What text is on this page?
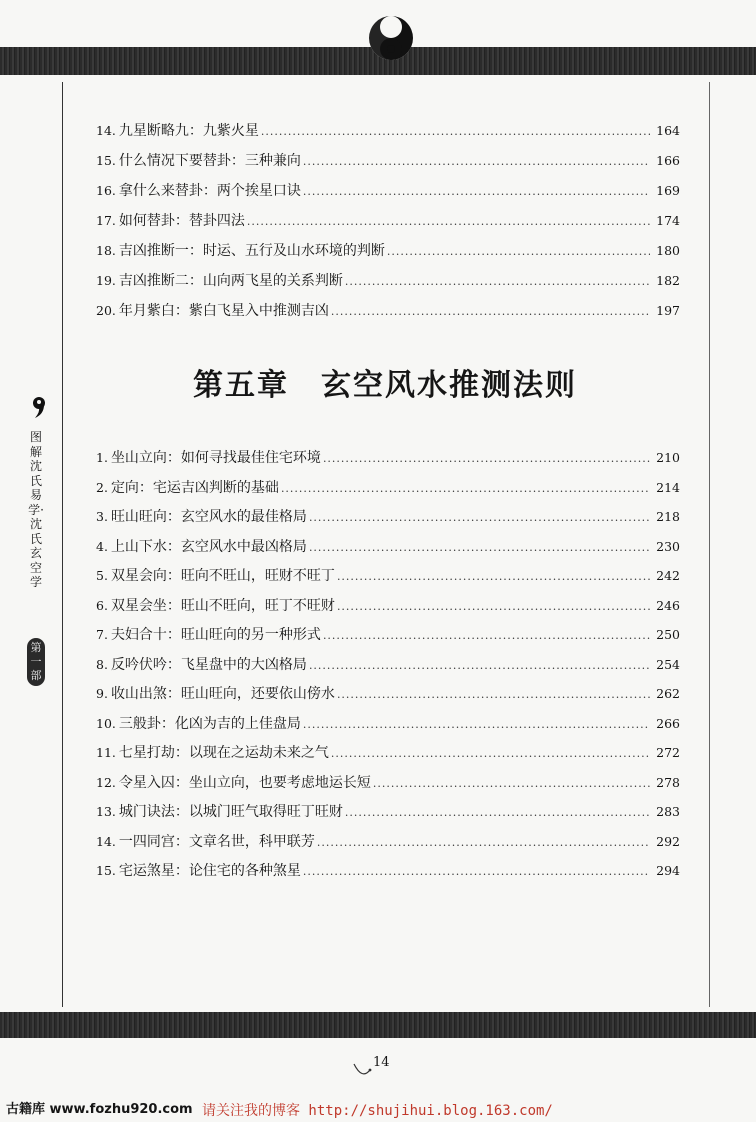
14. 九星断略九：九紫火星 .....	164
15. 什么情况下要替卦：三种兼向 .....	166
16. 拿什么来替卦：两个挨星口诀 .....	169
17. 如何替卦：替卦四法 .....	174
18. 吉凶推断一：时运、五行及山水环境的判断 .....	180
19. 吉凶推断二：山向两飞星的关系判断 .....	182
20. 年月紫白：紫白飞星入中推测吉凶 .....	197
第五章　玄空风水推测法则
1. 坐山立向：如何寻找最佳住宅环境 .....	210
2. 定向：宅运吉凶判断的基础 .....	214
3. 旺山旺向：玄空风水的最佳格局 .....	218
4. 上山下水：玄空风水中最凶格局 .....	230
5. 双星会向：旺向不旺山，旺财不旺丁 .....	242
6. 双星会坐：旺山不旺向，旺丁不旺财 .....	246
7. 夫妇合十：旺山旺向的另一种形式 .....	250
8. 反吟伏吟：飞星盘中的大凶格局 .....	254
9. 收山出煞：旺山旺向，还要依山傍水 .....	262
10. 三般卦：化凶为吉的上佳盘局 .....	266
11. 七星打劫：以现在之运劫未来之气 .....	272
12. 令星入囚：坐山立向，也要考虑地运长短 .....	278
13. 城门诀法：以城门旺气取得旺丁旺财 .....	283
14. 一四同宫：文章名世，科甲联芳 .....	292
15. 宅运煞星：论住宅的各种煞星 .....	294
图解沈氏易学·沈氏玄空学
第一部
14
古籍库 www.fozhu920.com 请关注我的博客 http://shujihui.blog.163.com/
